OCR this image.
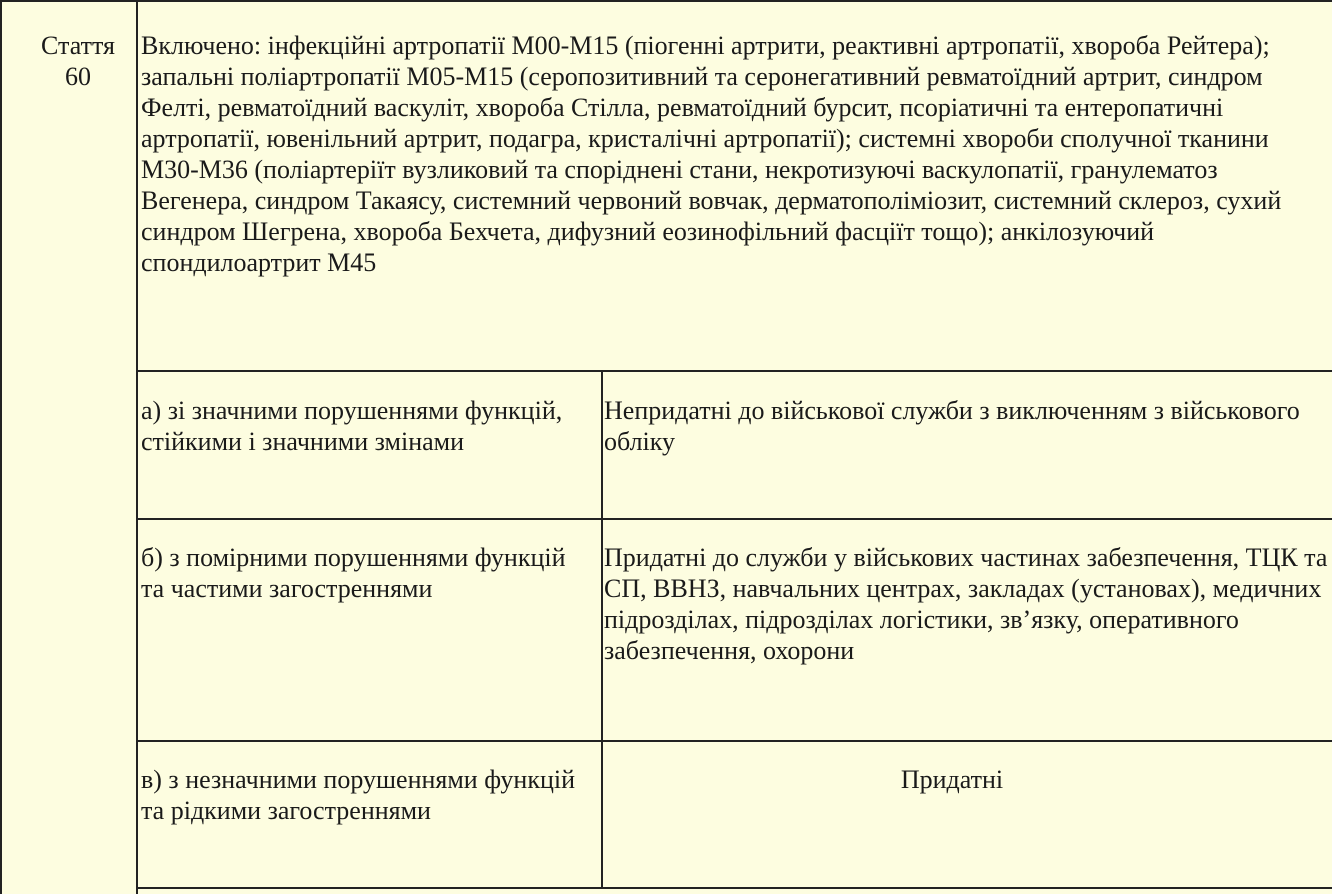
Стаття
60
Включено: інфекційні артропатії M00-M15 (піогенні артрити, реактивні артропатії, хвороба Рейтера); запальні поліартропатії M05-M15 (серопозитивний та серонегативний ревматоїдний артрит, синдром Фелті, ревматоїдний васкуліт, хвороба Стілла, ревматоїдний бурсит, псоріатичні та ентеропатичні артропатії, ювенільний артрит, подагра, кристалічні артропатії); системні хвороби сполучної тканини M30-M36 (поліартеріїт вузликовий та споріднені стани, некротизуючі васкулопатії, гранулематоз Вегенера, синдром Такаясу, системний червоний вовчак, дерматополіміозит, системний склероз, сухий синдром Шегрена, хвороба Бехчета, дифузний еозинофільний фасціїт тощо); анкілозуючий спондилоартрит M45
а) зі значними порушеннями функцій, стійкими і значними змінами
Непридатні до військової служби з виключенням з військового обліку
б) з помірними порушеннями функцій та частими загостреннями
Придатні до служби у військових частинах забезпечення, ТЦК та СП, ВВНЗ, навчальних центрах, закладах (установах), медичних підрозділах, підрозділах логістики, зв’язку, оперативного забезпечення, охорони
в) з незначними порушеннями функцій та рідкими загостреннями
Придатні
